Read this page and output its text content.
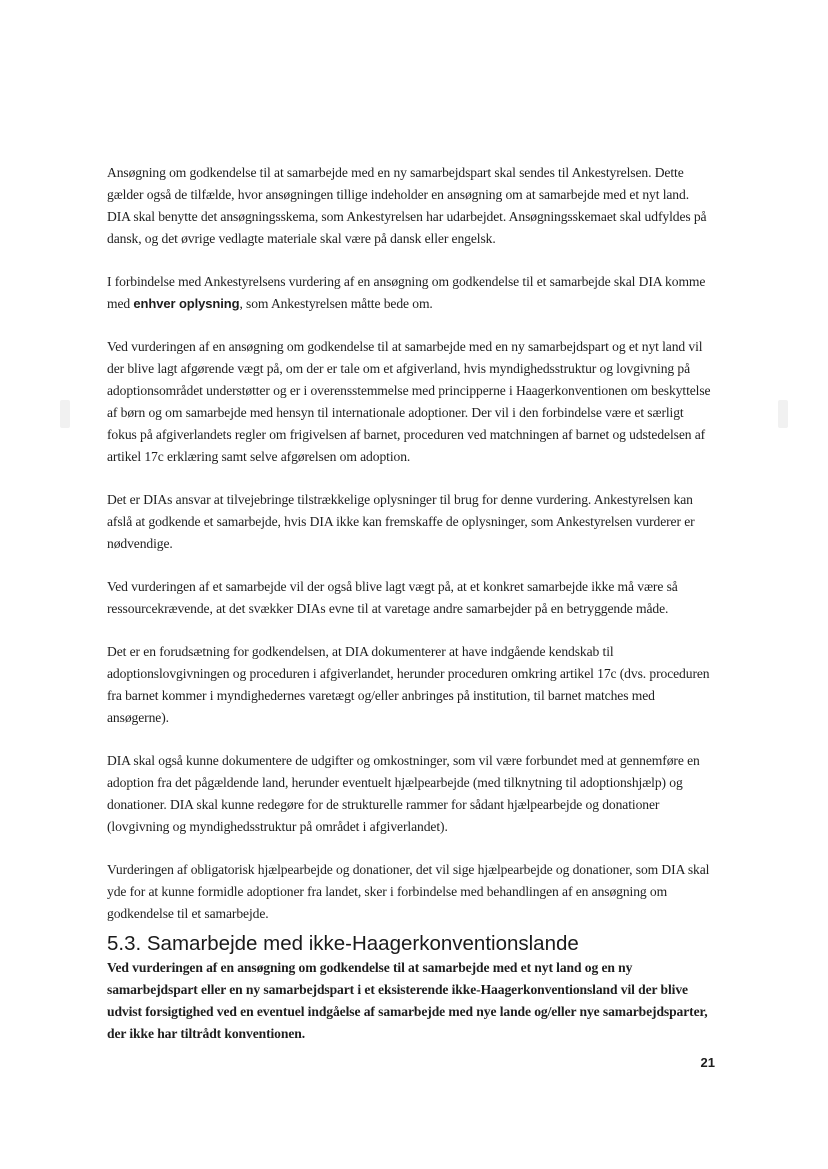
Ansøgning om godkendelse til at samarbejde med en ny samarbejdspart skal sendes til Ankestyrelsen. Dette gælder også de tilfælde, hvor ansøgningen tillige indeholder en ansøgning om at samarbejde med et nyt land. DIA skal benytte det ansøgningsskema, som Ankestyrelsen har udarbejdet. Ansøgningsskemaet skal udfyldes på dansk, og det øvrige vedlagte materiale skal være på dansk eller engelsk.

I forbindelse med Ankestyrelsens vurdering af en ansøgning om godkendelse til et samarbejde skal DIA komme med enhver oplysning, som Ankestyrelsen måtte bede om.

Ved vurderingen af en ansøgning om godkendelse til at samarbejde med en ny samarbejdspart og et nyt land vil der blive lagt afgørende vægt på, om der er tale om et afgiverland, hvis myndighedsstruktur og lovgivning på adoptionsområdet understøtter og er i overensstemmelse med principperne i Haagerkonventionen om beskyttelse af børn og om samarbejde med hensyn til internationale adoptioner. Der vil i den forbindelse være et særligt fokus på afgiverlandets regler om frigivelsen af barnet, proceduren ved matchningen af barnet og udstedelsen af artikel 17c erklæring samt selve afgørelsen om adoption.

Det er DIAs ansvar at tilvejebringe tilstrækkelige oplysninger til brug for denne vurdering. Ankestyrelsen kan afslå at godkende et samarbejde, hvis DIA ikke kan fremskaffe de oplysninger, som Ankestyrelsen vurderer er nødvendige.

Ved vurderingen af et samarbejde vil der også blive lagt vægt på, at et konkret samarbejde ikke må være så ressourcekrævende, at det svækker DIAs evne til at varetage andre samarbejder på en betryggende måde.

Det er en forudsætning for godkendelsen, at DIA dokumenterer at have indgående kendskab til adoptionslovgivningen og proceduren i afgiverlandet, herunder proceduren omkring artikel 17c (dvs. proceduren fra barnet kommer i myndighedernes varetægt og/eller anbringes på institution, til barnet matches med ansøgerne).

DIA skal også kunne dokumentere de udgifter og omkostninger, som vil være forbundet med at gennemføre en adoption fra det pågældende land, herunder eventuelt hjælpearbejde (med tilknytning til adoptionshjælp) og donationer. DIA skal kunne redegøre for de strukturelle rammer for sådant hjælpearbejde og donationer (lovgivning og myndighedsstruktur på området i afgiverlandet).

Vurderingen af obligatorisk hjælpearbejde og donationer, det vil sige hjælpearbejde og donationer, som DIA skal yde for at kunne formidle adoptioner fra landet, sker i forbindelse med behandlingen af en ansøgning om godkendelse til et samarbejde.

5.3. Samarbejde med ikke-Haagerkonventionslande

Ved vurderingen af en ansøgning om godkendelse til at samarbejde med et nyt land og en ny samarbejdspart eller en ny samarbejdspart i et eksisterende ikke-Haagerkonventionsland vil der blive udvist forsigtighed ved en eventuel indgåelse af samarbejde med nye lande og/eller nye samarbejdsparter, der ikke har tiltrådt konventionen.

21
